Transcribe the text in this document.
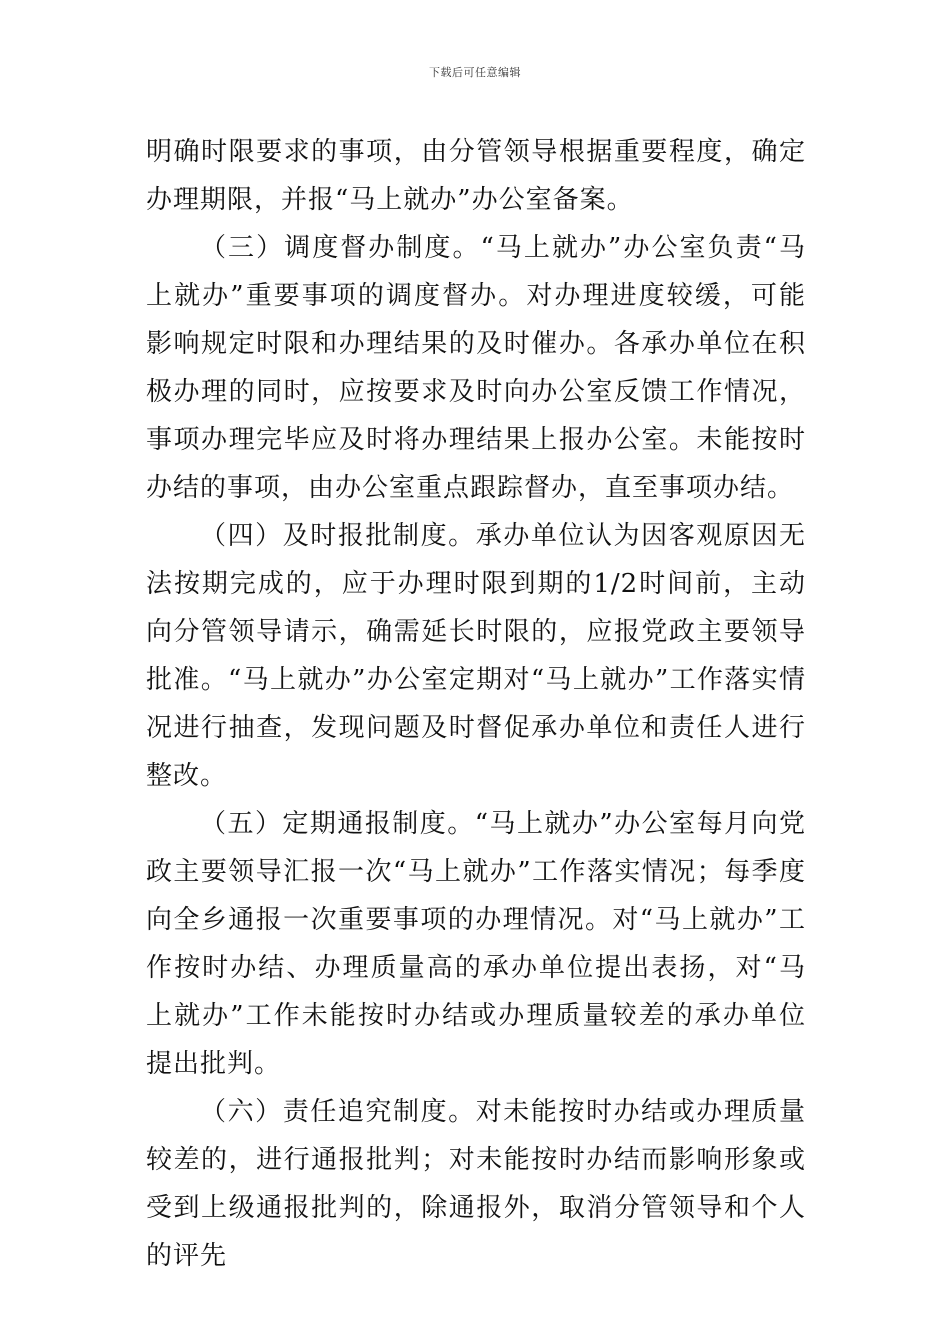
下载后可任意编辑

明确时限要求的事项，由分管领导根据重要程度，确定办理期限，并报“马上就办”办公室备案。

（三）调度督办制度。“马上就办”办公室负责“马上就办”重要事项的调度督办。对办理进度较缓，可能影响规定时限和办理结果的及时催办。各承办单位在积极办理的同时，应按要求及时向办公室反馈工作情况，事项办理完毕应及时将办理结果上报办公室。未能按时办结的事项，由办公室重点跟踪督办，直至事项办结。

（四）及时报批制度。承办单位认为因客观原因无法按期完成的，应于办理时限到期的1/2时间前，主动向分管领导请示，确需延长时限的，应报党政主要领导批准。“马上就办”办公室定期对“马上就办”工作落实情况进行抽查，发现问题及时督促承办单位和责任人进行整改。

（五）定期通报制度。“马上就办”办公室每月向党政主要领导汇报一次“马上就办”工作落实情况；每季度向全乡通报一次重要事项的办理情况。对“马上就办”工作按时办结、办理质量高的承办单位提出表扬，对“马上就办”工作未能按时办结或办理质量较差的承办单位提出批判。

（六）责任追究制度。对未能按时办结或办理质量较差的，进行通报批判；对未能按时办结而影响形象或受到上级通报批判的，除通报外，取消分管领导和个人的评先
